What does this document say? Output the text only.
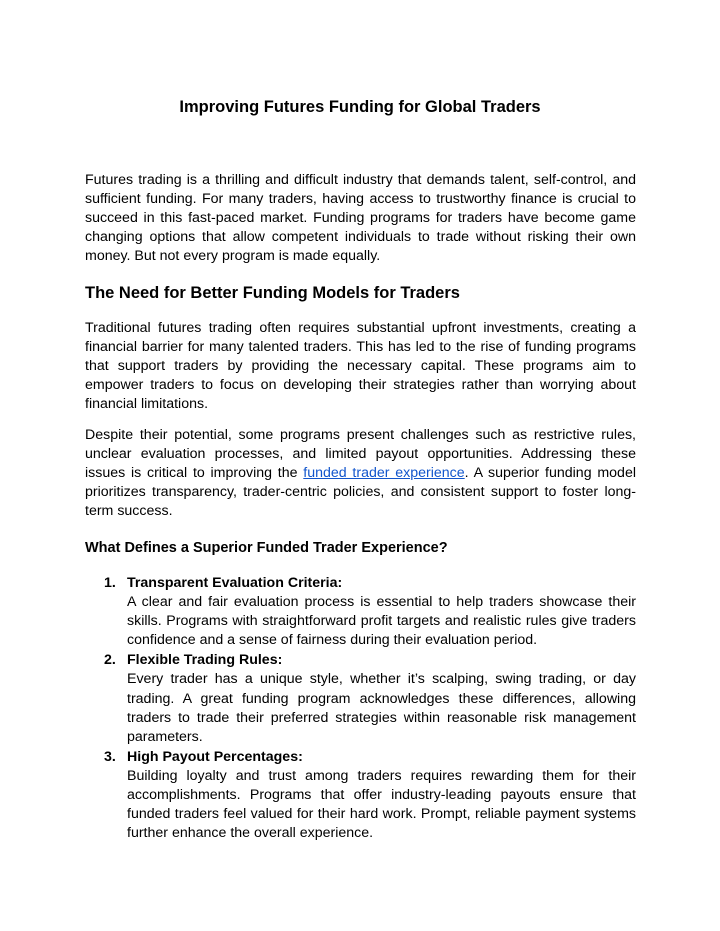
Improving Futures Funding for Global Traders

Futures trading is a thrilling and difficult industry that demands talent, self-control, and sufficient funding. For many traders, having access to trustworthy finance is crucial to succeed in this fast-paced market. Funding programs for traders have become game changing options that allow competent individuals to trade without risking their own money. But not every program is made equally.

The Need for Better Funding Models for Traders

Traditional futures trading often requires substantial upfront investments, creating a financial barrier for many talented traders. This has led to the rise of funding programs that support traders by providing the necessary capital. These programs aim to empower traders to focus on developing their strategies rather than worrying about financial limitations.

Despite their potential, some programs present challenges such as restrictive rules, unclear evaluation processes, and limited payout opportunities. Addressing these issues is critical to improving the funded trader experience. A superior funding model prioritizes transparency, trader-centric policies, and consistent support to foster long-term success.

What Defines a Superior Funded Trader Experience?
1. Transparent Evaluation Criteria:
A clear and fair evaluation process is essential to help traders showcase their skills. Programs with straightforward profit targets and realistic rules give traders confidence and a sense of fairness during their evaluation period.
2. Flexible Trading Rules:
Every trader has a unique style, whether it’s scalping, swing trading, or day trading. A great funding program acknowledges these differences, allowing traders to trade their preferred strategies within reasonable risk management parameters.
3. High Payout Percentages:
Building loyalty and trust among traders requires rewarding them for their accomplishments. Programs that offer industry-leading payouts ensure that funded traders feel valued for their hard work. Prompt, reliable payment systems further enhance the overall experience.
